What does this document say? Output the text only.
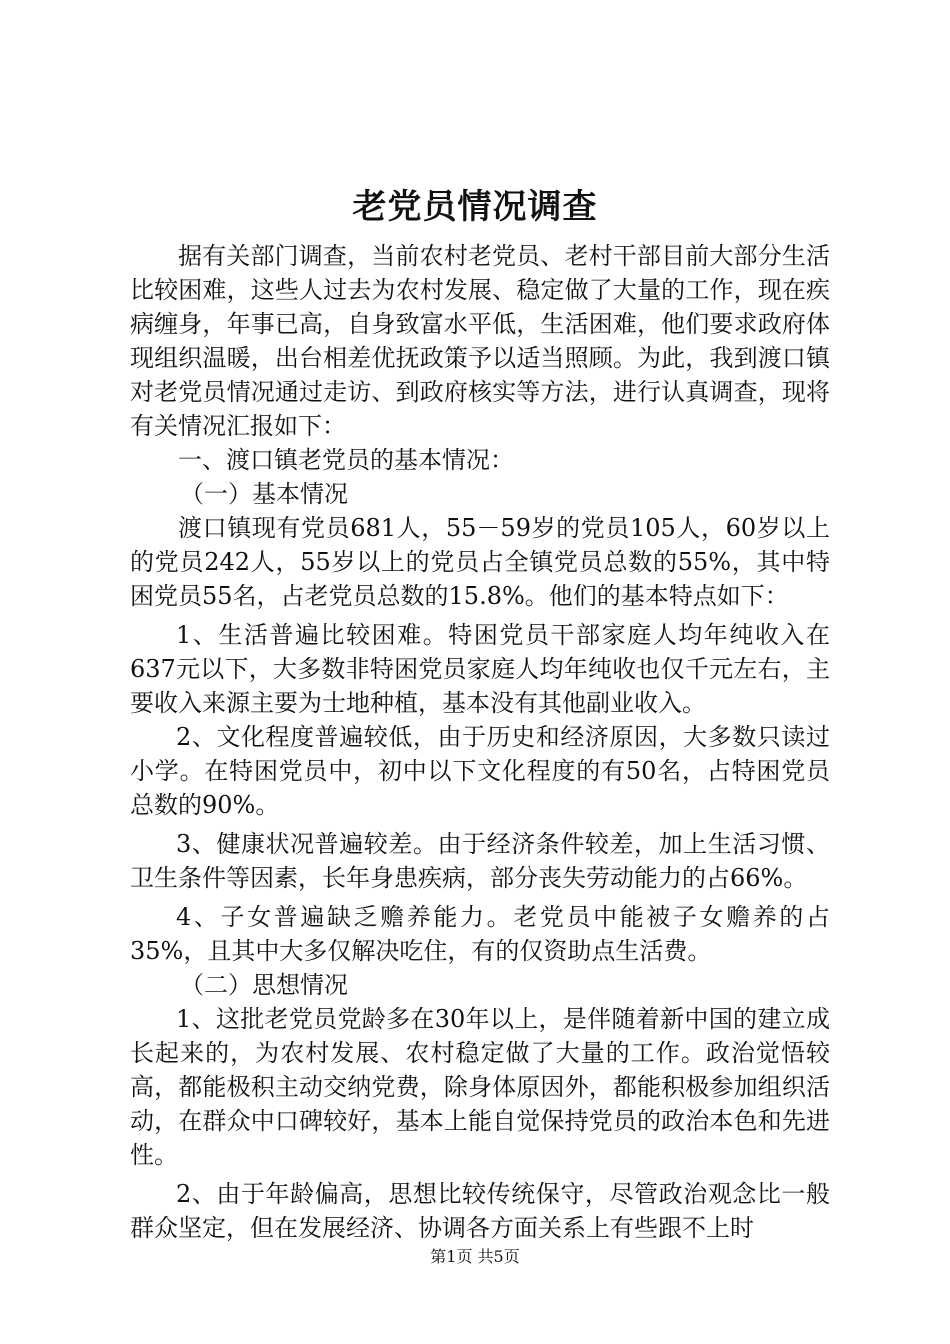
老党员情况调查

据有关部门调查，当前农村老党员、老村干部目前大部分生活比较困难，这些人过去为农村发展、稳定做了大量的工作，现在疾病缠身，年事已高，自身致富水平低，生活困难，他们要求政府体现组织温暖，出台相差优抚政策予以适当照顾。为此，我到渡口镇对老党员情况通过走访、到政府核实等方法，进行认真调查，现将有关情况汇报如下：

一、渡口镇老党员的基本情况：

（一）基本情况

渡口镇现有党员681人，55－59岁的党员105人，60岁以上的党员242人，55岁以上的党员占全镇党员总数的55%，其中特困党员55名，占老党员总数的15.8%。他们的基本特点如下：

1、生活普遍比较困难。特困党员干部家庭人均年纯收入在637元以下，大多数非特困党员家庭人均年纯收也仅千元左右，主要收入来源主要为士地种植，基本没有其他副业收入。

2、文化程度普遍较低，由于历史和经济原因，大多数只读过小学。在特困党员中，初中以下文化程度的有50名，占特困党员总数的90%。

3、健康状况普遍较差。由于经济条件较差，加上生活习惯、卫生条件等因素，长年身患疾病，部分丧失劳动能力的占66%。

4、子女普遍缺乏赡养能力。老党员中能被子女赡养的占35%，且其中大多仅解决吃住，有的仅资助点生活费。

（二）思想情况

1、这批老党员党龄多在30年以上，是伴随着新中国的建立成长起来的，为农村发展、农村稳定做了大量的工作。政治觉悟较高，都能极积主动交纳党费，除身体原因外，都能积极参加组织活动，在群众中口碑较好，基本上能自觉保持党员的政治本色和先进性。

2、由于年龄偏高，思想比较传统保守，尽管政治观念比一般群众坚定，但在发展经济、协调各方面关系上有些跟不上时

第1页 共5页
